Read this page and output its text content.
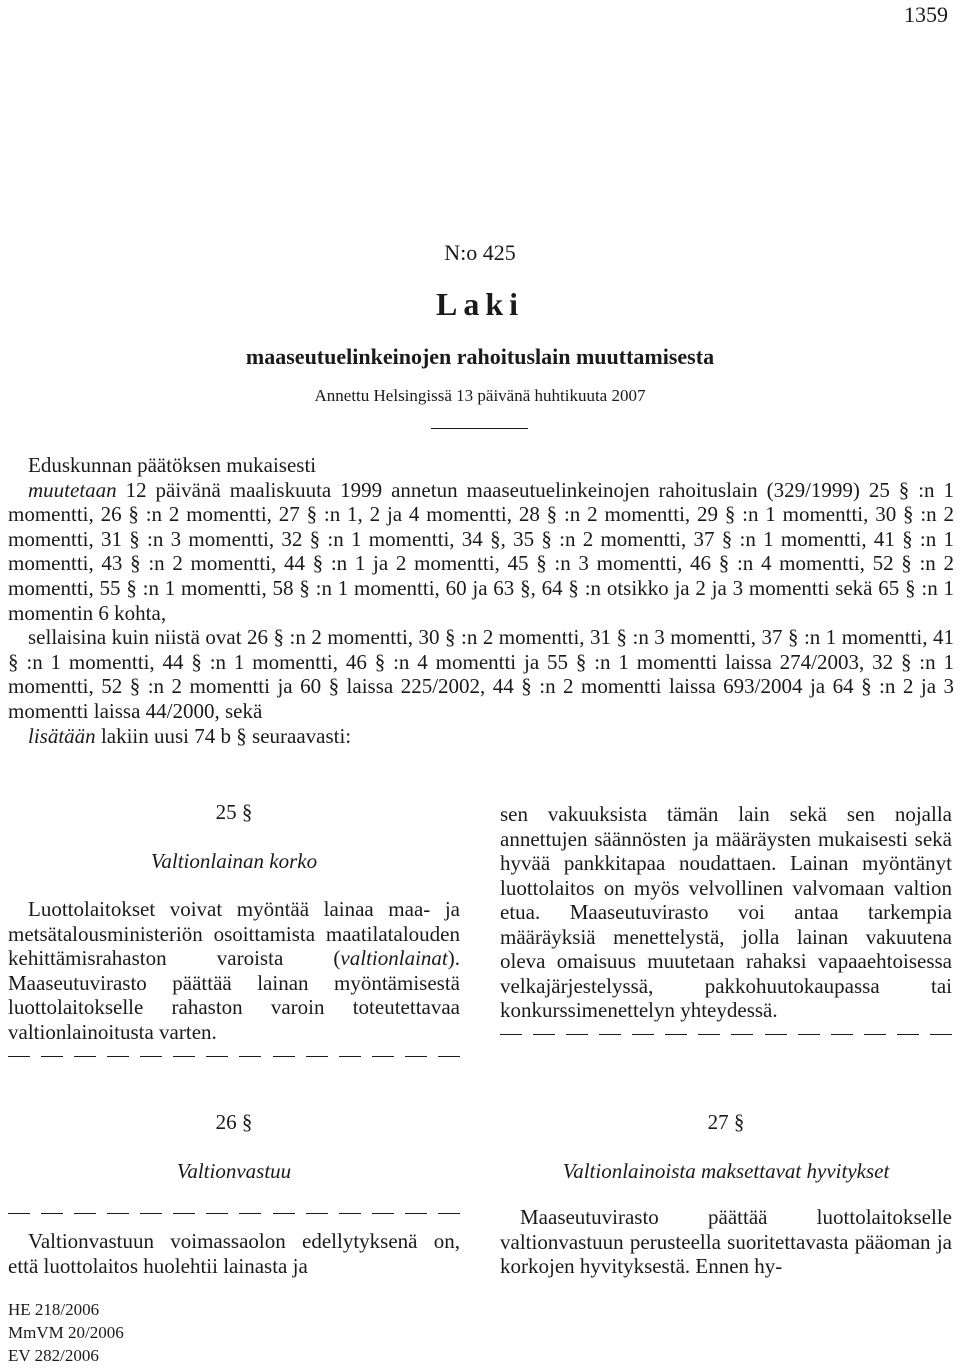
1359
N:o 425
Laki
maaseutuelinkeinojen rahoituslain muuttamisesta
Annettu Helsingissä 13 päivänä huhtikuuta 2007

Eduskunnan päätöksen mukaisesti

muutetaan 12 päivänä maaliskuuta 1999 annetun maaseutuelinkeinojen rahoituslain (329/1999) 25 § :n 1 momentti, 26 § :n 2 momentti, 27 § :n 1, 2 ja 4 momentti, 28 § :n 2 momentti, 29 § :n 1 momentti, 30 § :n 2 momentti, 31 § :n 3 momentti, 32 § :n 1 momentti, 34 §, 35 § :n 2 momentti, 37 § :n 1 momentti, 41 § :n 1 momentti, 43 § :n 2 momentti, 44 § :n 1 ja 2 momentti, 45 § :n 3 momentti, 46 § :n 4 momentti, 52 § :n 2 momentti, 55 § :n 1 momentti, 58 § :n 1 momentti, 60 ja 63 §, 64 § :n otsikko ja 2 ja 3 momentti sekä 65 § :n 1 momentin 6 kohta,

sellaisina kuin niistä ovat 26 § :n 2 momentti, 30 § :n 2 momentti, 31 § :n 3 momentti, 37 § :n 1 momentti, 41 § :n 1 momentti, 44 § :n 1 momentti, 46 § :n 4 momentti ja 55 § :n 1 momentti laissa 274/2003, 32 § :n 1 momentti, 52 § :n 2 momentti ja 60 § laissa 225/2002, 44 § :n 2 momentti laissa 693/2004 ja 64 § :n 2 ja 3 momentti laissa 44/2000, sekä

lisätään lakiin uusi 74 b § seuraavasti:

25 §
Valtionlainan korko

Luottolaitokset voivat myöntää lainaa maa- ja metsätalousministeriön osoittamista maatilatalouden kehittämisrahaston varoista (valtionlainat). Maaseutuvirasto päättää lainan myöntämisestä luottolaitokselle rahaston varoin toteutettavaa valtionlainoitusta varten.

sen vakuuksista tämän lain sekä sen nojalla annettujen säännösten ja määräysten mukaisesti sekä hyvää pankkitapaa noudattaen. Lainan myöntänyt luottolaitos on myös velvollinen valvomaan valtion etua. Maaseutuvirasto voi antaa tarkempia määräyksiä menettelystä, jolla lainan vakuutena oleva omaisuus muutetaan rahaksi vapaaehtoisessa velkajärjestelyssä, pakkohuutokaupassa tai konkurssimenettelyn yhteydessä.

26 §
Valtionvastuu

Valtionvastuun voimassaolon edellytyksenä on, että luottolaitos huolehtii lainasta ja

27 §
Valtionlainoista maksettavat hyvitykset

Maaseutuvirasto päättää luottolaitokselle valtionvastuun perusteella suoritettavasta pääoman ja korkojen hyvityksestä. Ennen hy-

HE 218/2006
MmVM 20/2006
EV 282/2006
